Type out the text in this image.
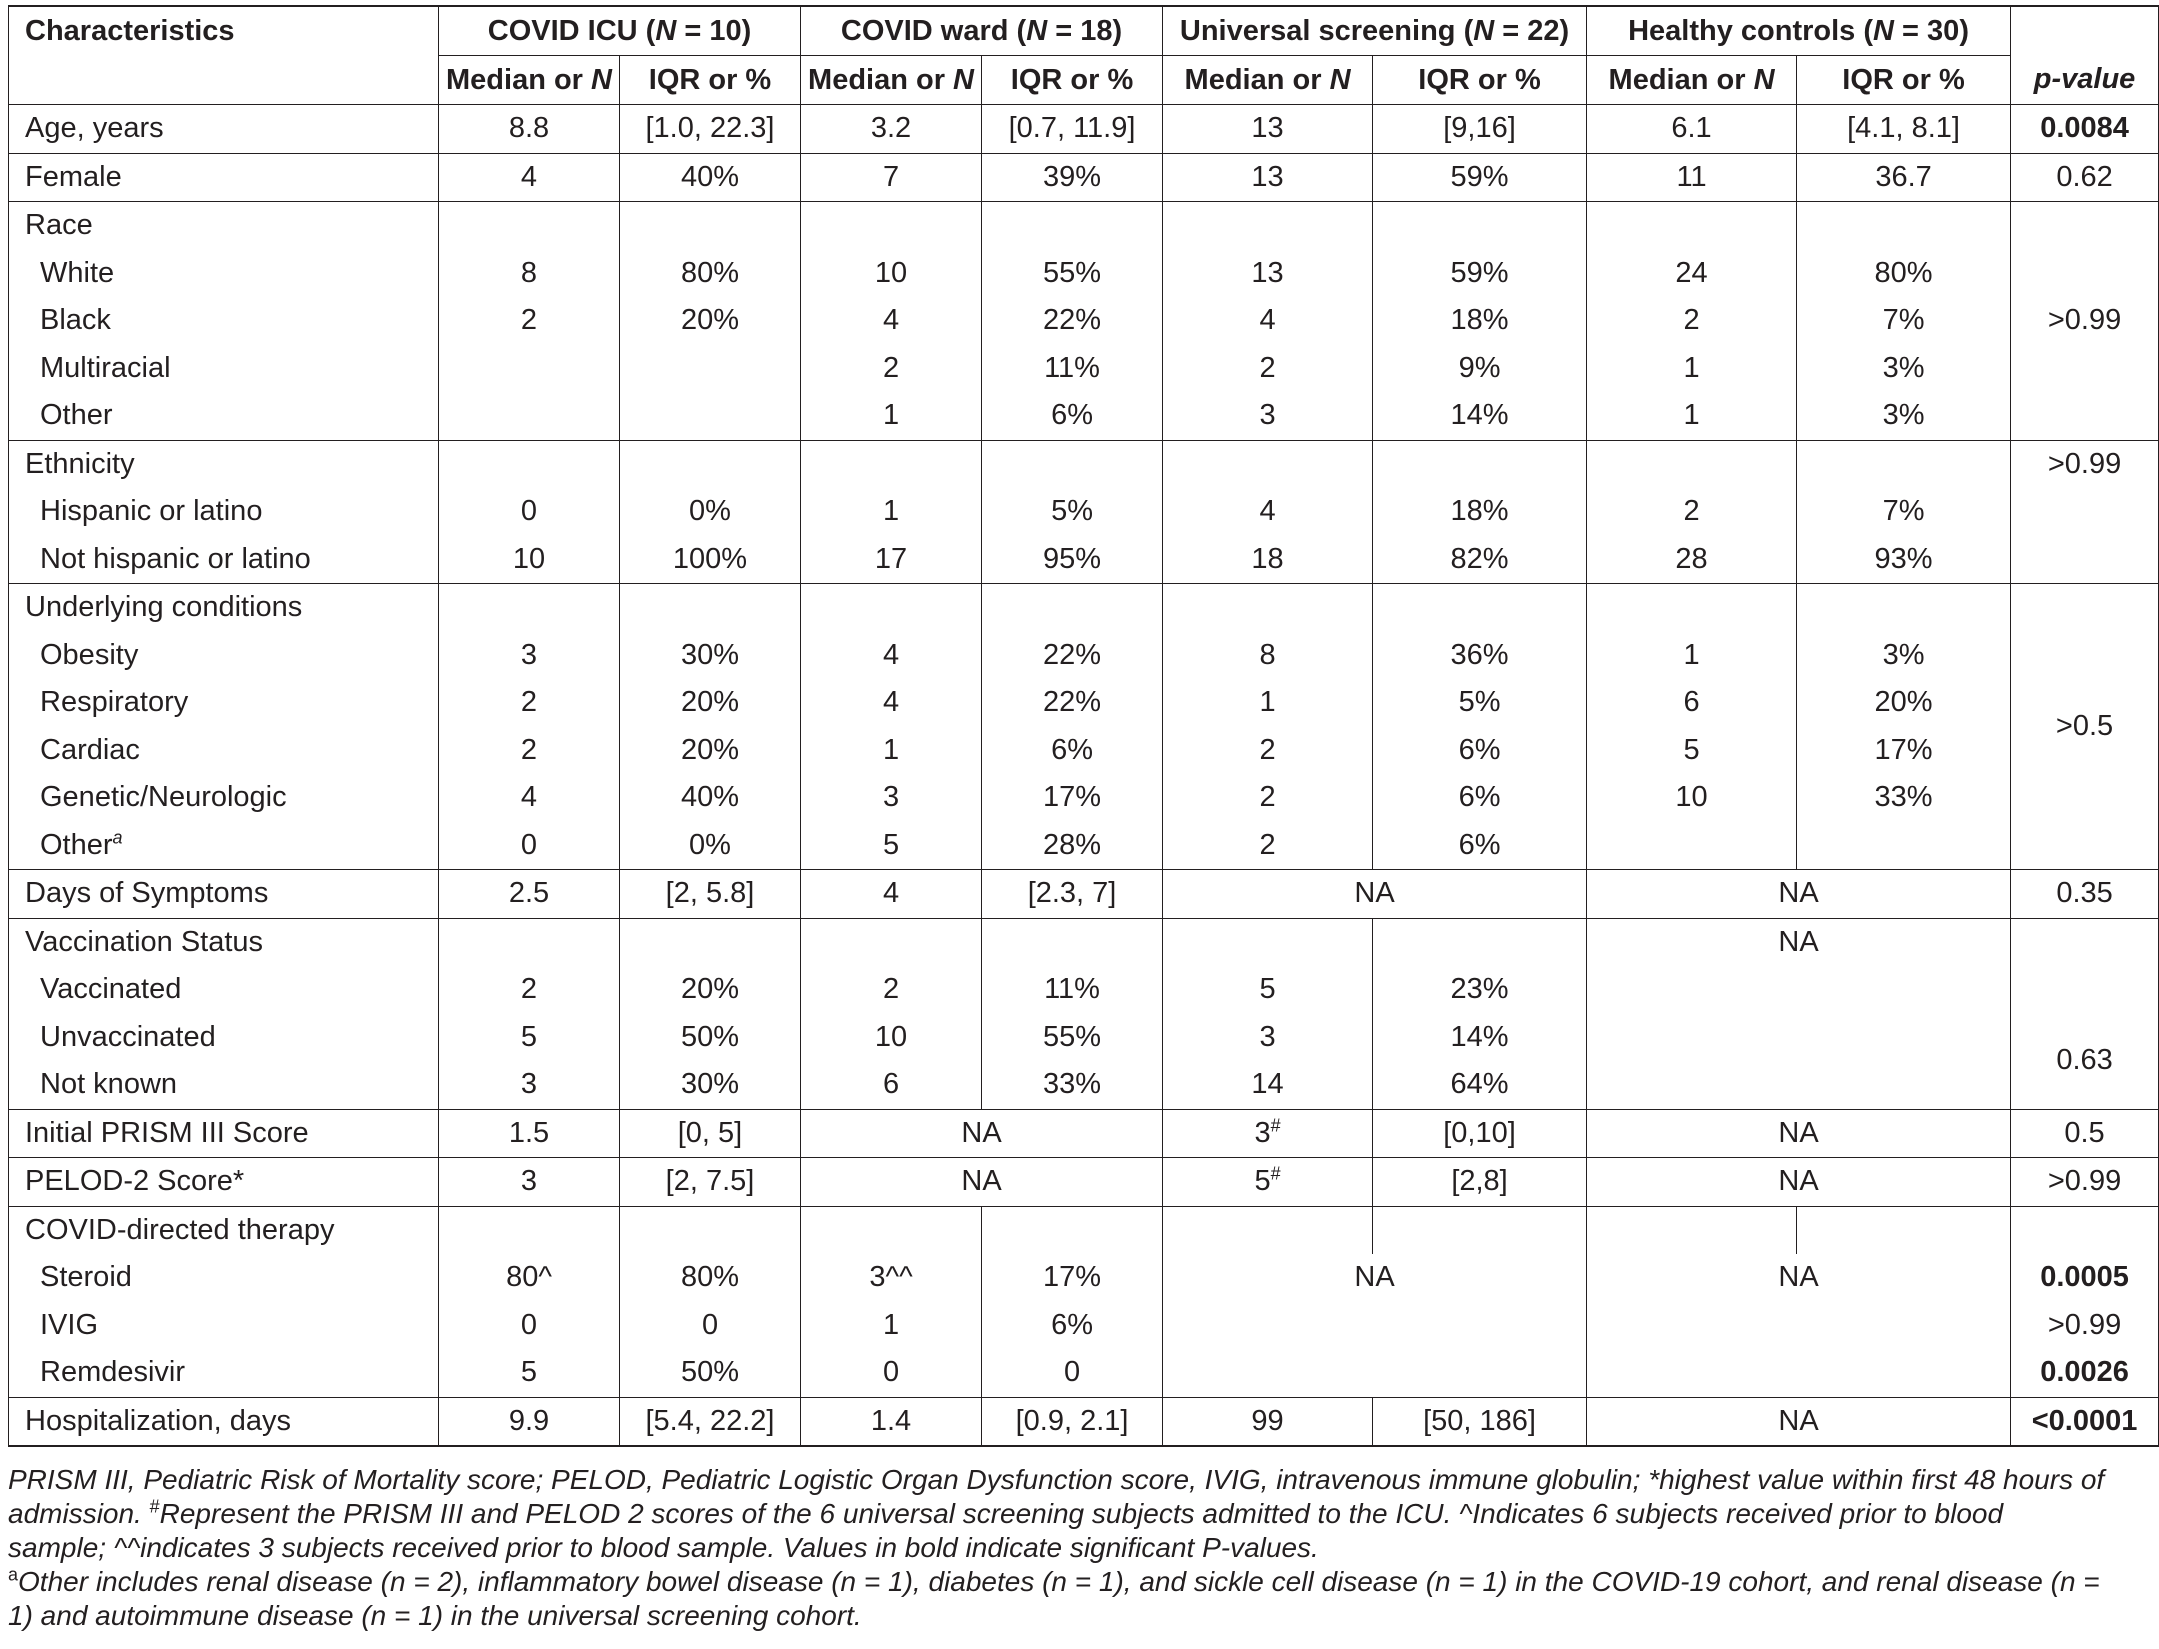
Characteristics	COVID ICU (N = 10)		COVID ward (N = 18)		Universal screening (N = 22)		Healthy controls (N = 30)		
	Median or N	IQR or %	Median or N	IQR or %	Median or N	IQR or %	Median or N	IQR or %	p-value
Age, years	8.8	[1.0, 22.3]	3.2	[0.7, 11.9]	13	[9,16]	6.1	[4.1, 8.1]	0.0084
Female	4	40%	7	39%	13	59%	11	36.7	0.62
Race									>0.99
White	8	80%	10	55%	13	59%	24	80%	
Black	2	20%	4	22%	4	18%	2	7%	
Multiracial			2	11%	2	9%	1	3%	
Other			1	6%	3	14%	1	3%	
Ethnicity									>0.99
Hispanic or latino	0	0%	1	5%	4	18%	2	7%	
Not hispanic or latino	10	100%	17	95%	18	82%	28	93%	
Underlying conditions									>0.5
Obesity	3	30%	4	22%	8	36%	1	3%	
Respiratory	2	20%	4	22%	1	5%	6	20%	
Cardiac	2	20%	1	6%	2	6%	5	17%	
Genetic/Neurologic	4	40%	3	17%	2	6%	10	33%	
Other$^a$	0	0%	5	28%	2	6%			
Days of Symptoms	2.5	[2, 5.8]	4	[2.3, 7]	NA		NA		0.35
Vaccination Status							NA		0.63
Vaccinated	2	20%	2	11%	5	23%			
Unvaccinated	5	50%	10	55%	3	14%			
Not known	3	30%	6	33%	14	64%			
Initial PRISM III Score	1.5	[0, 5]	NA		3#	[0,10]	NA		0.5
PELOD-2 Score*	3	[2, 7.5]	NA		5#	[2,8]	NA		>0.99
COVID-directed therapy									
Steroid	80^	80%	3^^	17%	NA		NA		0.0005
IVIG	0	0	1	6%					>0.99
Remdesivir	5	50%	0	0					0.0026
Hospitalization, days	9.9	[5.4, 22.2]	1.4	[0.9, 2.1]	99	[50, 186]	NA		<0.0001

PRISM III, Pediatric Risk of Mortality score; PELOD, Pediatric Logistic Organ Dysfunction score, IVIG, intravenous immune globulin; *highest value within first 48 hours of admission. #Represent the PRISM III and PELOD 2 scores of the 6 universal screening subjects admitted to the ICU. ^Indicates 6 subjects received prior to blood sample; ^^indicates 3 subjects received prior to blood sample. Values in bold indicate significant P-values.

$^a$Other includes renal disease (n = 2), inflammatory bowel disease (n = 1), diabetes (n = 1), and sickle cell disease (n = 1) in the COVID-19 cohort, and renal disease (n = 1) and autoimmune disease (n = 1) in the universal screening cohort.
